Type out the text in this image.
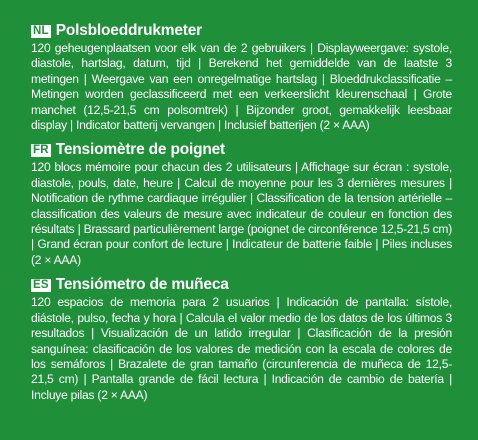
NL Polsbloeddrukmeter

120 geheugenplaatsen voor elk van de 2 gebruikers | Displayweergave: systole, diastole, hartslag, datum, tijd | Berekend het gemiddelde van de laatste 3 metingen | Weergave van een onregelmatige hartslag | Bloeddrukclassificatie – Metingen worden geclassificeerd met een verkeerslicht kleurenschaal | Grote manchet (12,5-21,5 cm polsomtrek) | Bijzonder groot, gemakkelijk leesbaar display | Indicator batterij vervangen | Inclusief batterijen (2 × AAA)

FR Tensiomètre de poignet

120 blocs mémoire pour chacun des 2 utilisateurs | Affichage sur écran : systole, diastole, pouls, date, heure | Calcul de moyenne pour les 3 dernières mesures | Notification de rythme cardiaque irrégulier | Classification de la tension artérielle – classification des valeurs de mesure avec indicateur de couleur en fonction des résultats | Brassard particulièrement large (poignet de circonférence 12,5-21,5 cm) | Grand écran pour confort de lecture | Indicateur de batterie faible | Piles incluses (2 × AAA)

ES Tensiómetro de muñeca

120 espacios de memoria para 2 usuarios | Indicación de pantalla: sístole, diástole, pulso, fecha y hora | Calcula el valor medio de los datos de los últimos 3 resultados | Visualización de un latido irregular | Clasificación de la presión sanguínea: clasificación de los valores de medición con la escala de colores de los semáforos | Brazalete de gran tamaño (circunferencia de muñeca de 12,5-21,5 cm) | Pantalla grande de fácil lectura | Indicación de cambio de batería | Incluye pilas (2 × AAA)
